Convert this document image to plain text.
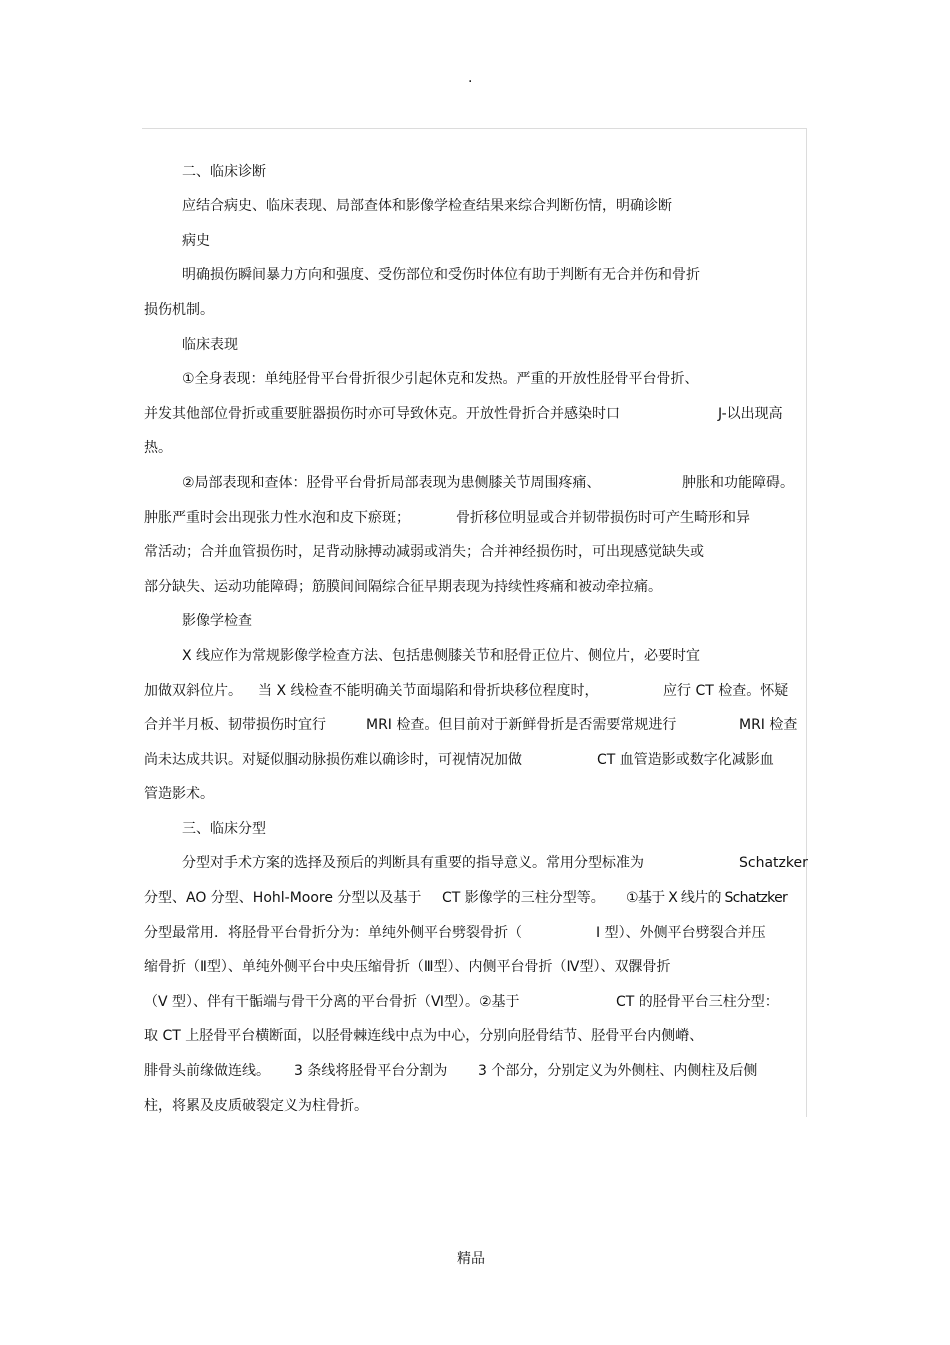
.
二、临床诊断
应结合病史、临床表现、局部查体和影像学检查结果来综合判断伤情，明确诊断
病史
明确损伤瞬间暴力方向和强度、受伤部位和受伤时体位有助于判断有无合并伤和骨折
损伤机制。
临床表现
①全身表现：单纯胫骨平台骨折很少引起休克和发热。严重的开放性胫骨平台骨折、
并发其他部位骨折或重要脏器损伤时亦可导致休克。开放性骨折合并感染时口	J-以出现高
热。
②局部表现和查体：胫骨平台骨折局部表现为患侧膝关节周围疼痛、	肿胀和功能障碍。
肿胀严重时会出现张力性水泡和皮下瘀斑；	骨折移位明显或合并韧带损伤时可产生畸形和异
常活动；合并血管损伤时，足背动脉搏动减弱或消失；合并神经损伤时，可出现感觉缺失或
部分缺失、运动功能障碍；筋膜间间隔综合征早期表现为持续性疼痛和被动牵拉痛。
影像学检查
X 线应作为常规影像学检查方法、包括患侧膝关节和胫骨正位片、侧位片，必要时宜
加做双斜位片。 当 X 线检查不能明确关节面塌陷和骨折块移位程度时，	应行 CT 检查。怀疑
合并半月板、韧带损伤时宜行	MRI 检查。但目前对于新鲜骨折是否需要常规进行	MRI 检查
尚未达成共识。对疑似腘动脉损伤难以确诊时，可视情况加做	CT 血管造影或数字化减影血
管造影术。
三、临床分型
分型对手术方案的选择及预后的判断具有重要的指导意义。常用分型标准为	Schatzker
分型、AO 分型、Hohl-Moore 分型以及基于 CT 影像学的三柱分型等。 ①基于 X 线片的 Schatzker
分型最常用．将胫骨平台骨折分为：单纯外侧平台劈裂骨折（	I 型）、外侧平台劈裂合并压
缩骨折（Ⅱ型）、单纯外侧平台中央压缩骨折（Ⅲ型）、内侧平台骨折（Ⅳ型）、双髁骨折
（V 型）、伴有干骺端与骨干分离的平台骨折（Ⅵ型）。②基于	CT 的胫骨平台三柱分型：
取 CT 上胫骨平台横断面，以胫骨棘连线中点为中心，分别向胫骨结节、胫骨平台内侧嵴、
腓骨头前缘做连线。 3 条线将胫骨平台分割为 3 个部分，分别定义为外侧柱、内侧柱及后侧
柱，将累及皮质破裂定义为柱骨折。
精品
